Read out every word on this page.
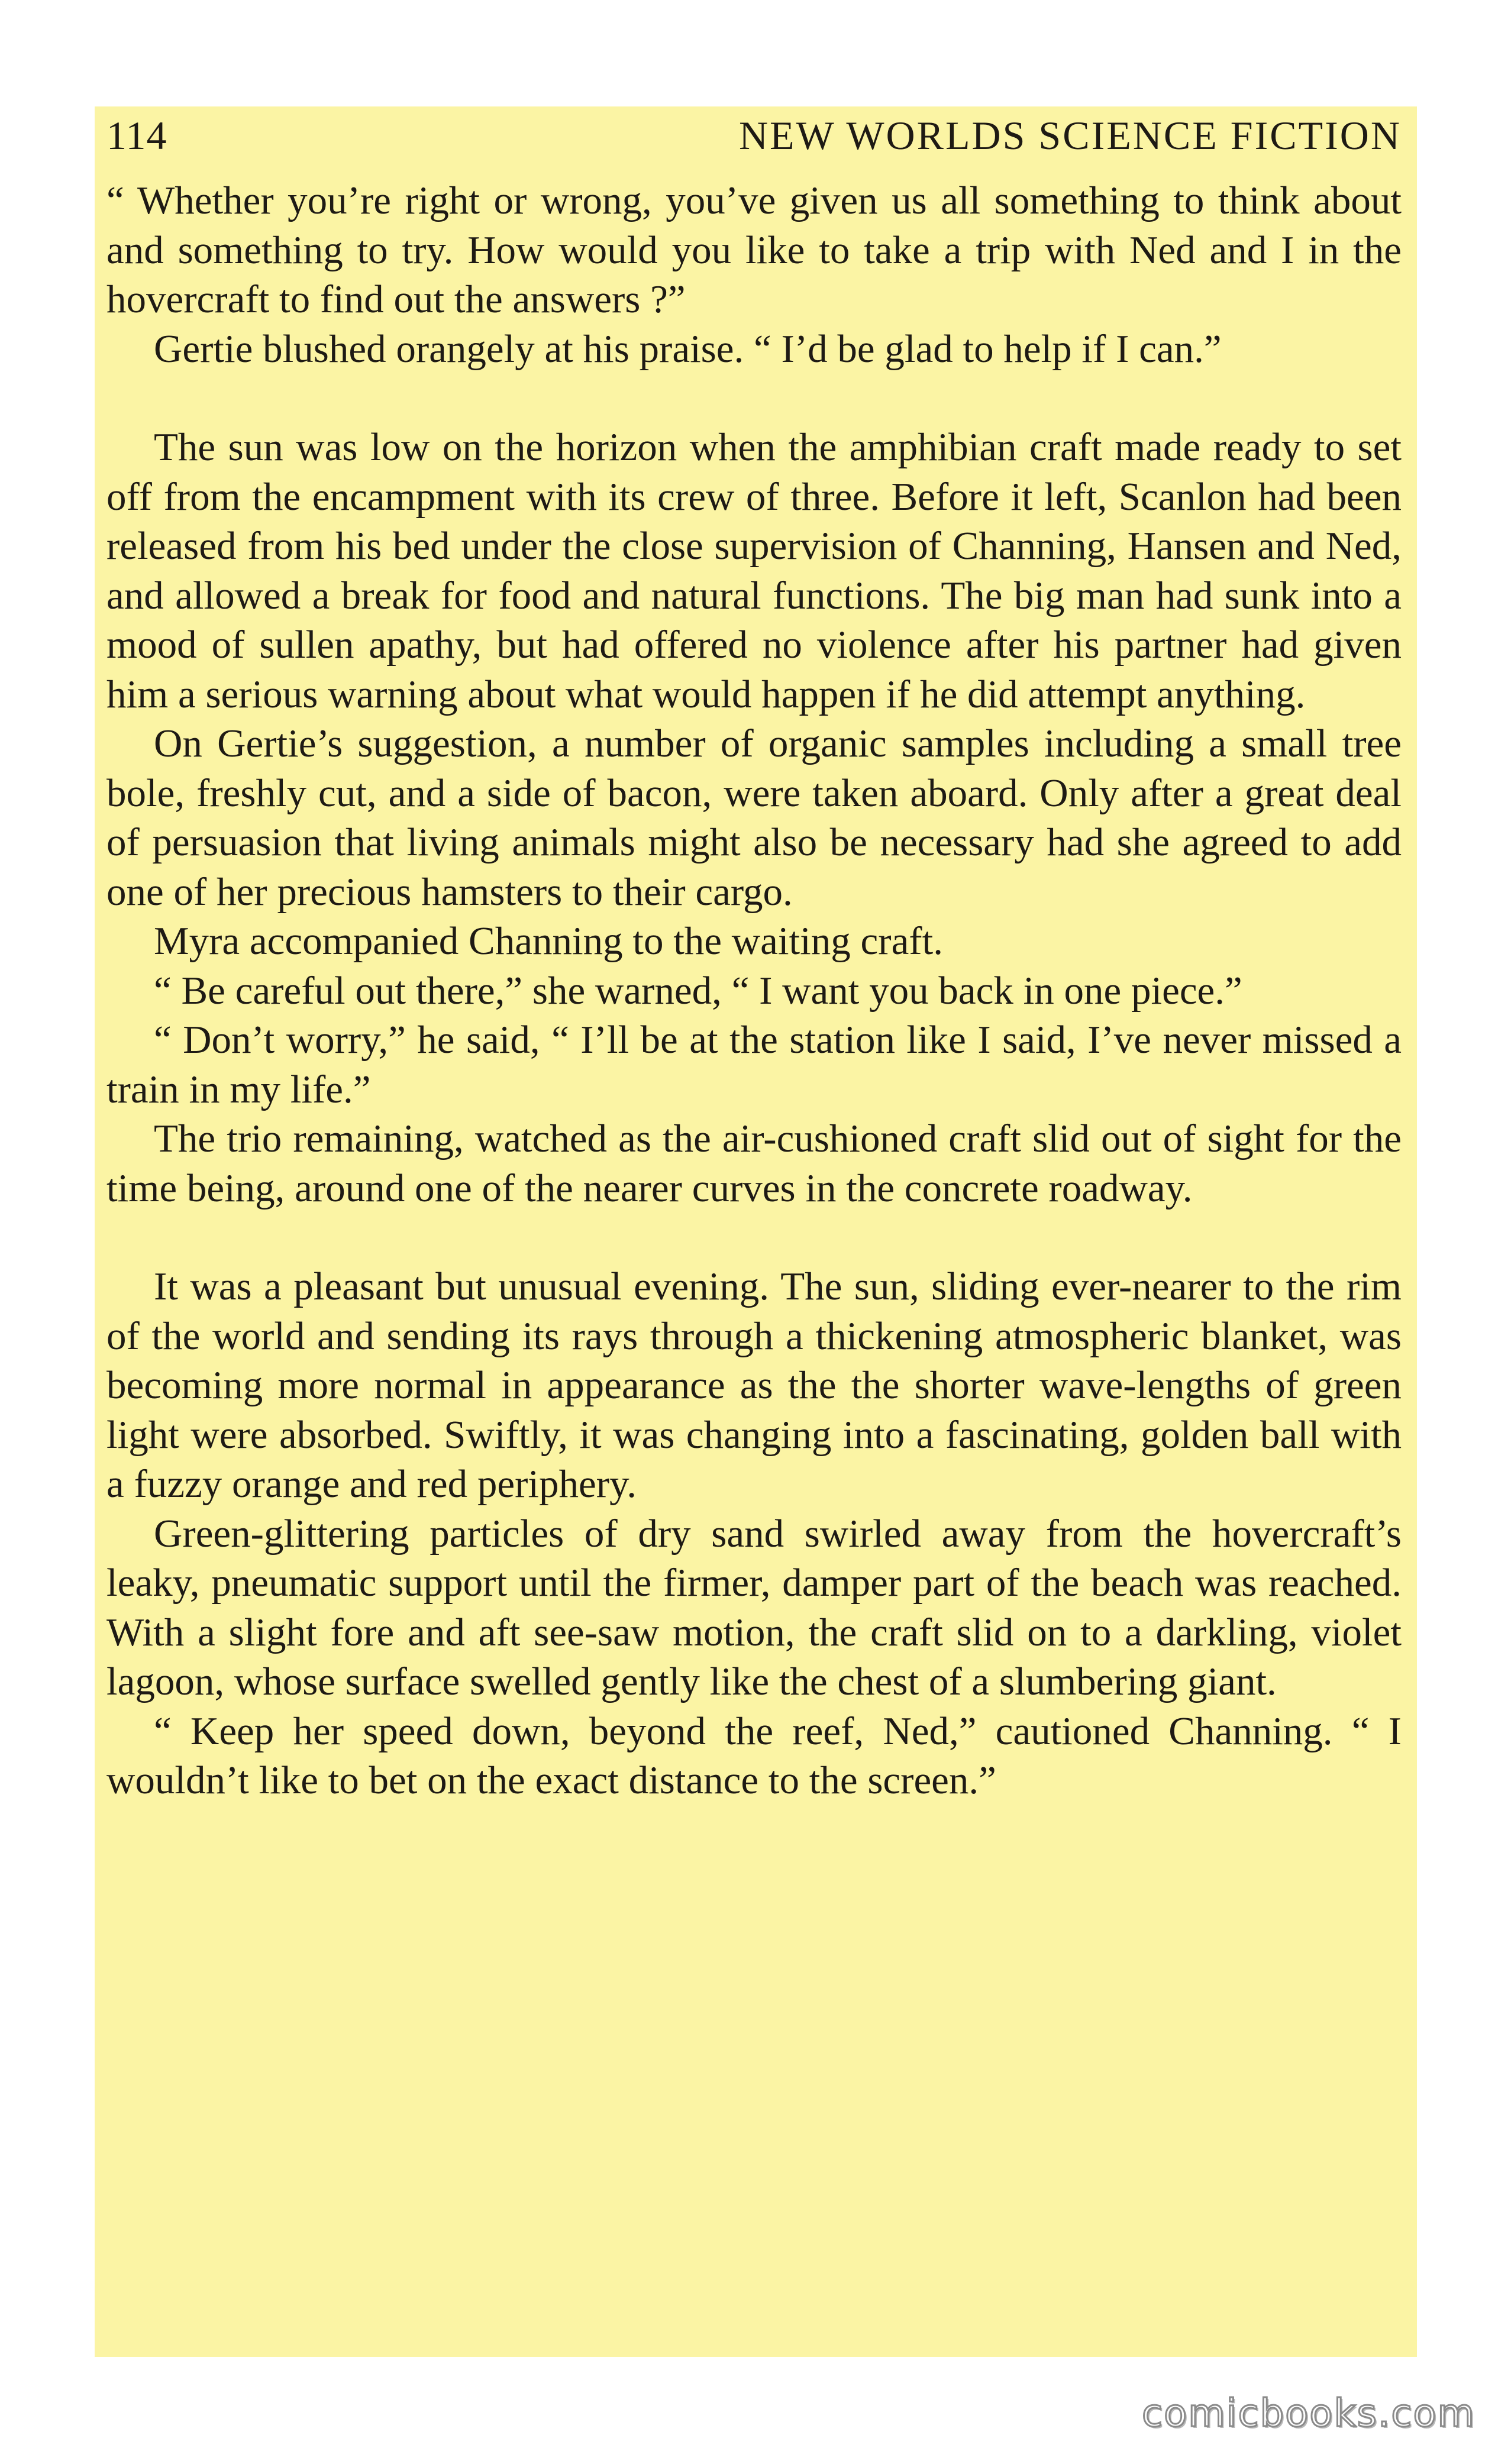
114	NEW WORLDS SCIENCE FICTION

“ Whether you’re right or wrong, you’ve given us all something to think about and something to try. How would you like to take a trip with Ned and I in the hovercraft to find out the answers ?”

Gertie blushed orangely at his praise. “ I’d be glad to help if I can.”

The sun was low on the horizon when the amphibian craft made ready to set off from the encampment with its crew of three. Before it left, Scanlon had been released from his bed under the close supervision of Channing, Hansen and Ned, and allowed a break for food and natural functions. The big man had sunk into a mood of sullen apathy, but had offered no violence after his partner had given him a serious warning about what would happen if he did attempt anything.

On Gertie’s suggestion, a number of organic samples including a small tree bole, freshly cut, and a side of bacon, were taken aboard. Only after a great deal of persuasion that living animals might also be necessary had she agreed to add one of her precious hamsters to their cargo.

Myra accompanied Channing to the waiting craft.

“ Be careful out there,” she warned, “ I want you back in one piece.”

“ Don’t worry,” he said, “ I’ll be at the station like I said, I’ve never missed a train in my life.”

The trio remaining, watched as the air-cushioned craft slid out of sight for the time being, around one of the nearer curves in the concrete roadway.

It was a pleasant but unusual evening. The sun, sliding ever-nearer to the rim of the world and sending its rays through a thickening atmospheric blanket, was becoming more normal in appearance as the the shorter wave-lengths of green light were absorbed. Swiftly, it was changing into a fascinating, golden ball with a fuzzy orange and red periphery.

Green-glittering particles of dry sand swirled away from the hovercraft’s leaky, pneumatic support until the firmer, damper part of the beach was reached. With a slight fore and aft see-saw motion, the craft slid on to a darkling, violet lagoon, whose surface swelled gently like the chest of a slumbering giant.

“ Keep her speed down, beyond the reef, Ned,” cautioned Channing. “ I wouldn’t like to bet on the exact distance to the screen.”

comicbooks.com
